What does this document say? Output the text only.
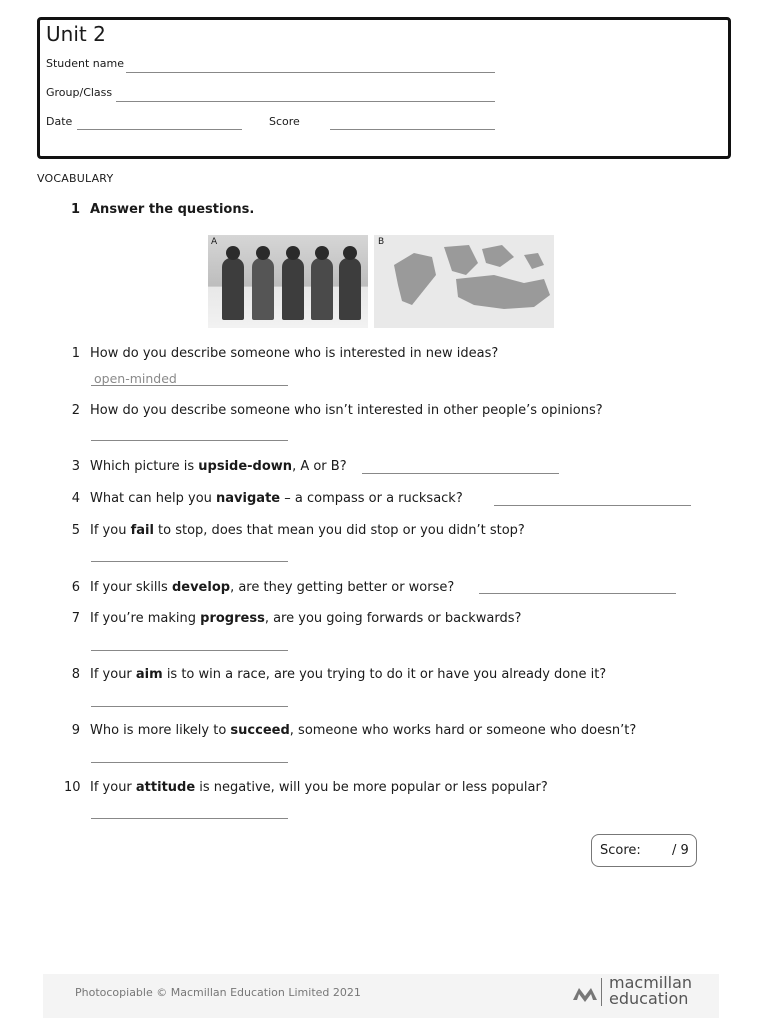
Unit 2
Student name
Group/Class
Date	Score
VOCABULARY
1 Answer the questions.
A	B
1 How do you describe someone who is interested in new ideas?
2 How do you describe someone who isn’t interested in other people’s opinions?
3 Which picture is upside-down, A or B?
4 What can help you navigate – a compass or a rucksack?
5 If you fail to stop, does that mean you did stop or you didn’t stop?
6 If your skills develop, are they getting better or worse?
7 If you’re making progress, are you going forwards or backwards?
8 If your aim is to win a race, are you trying to do it or have you already done it?
9 Who is more likely to succeed, someone who works hard or someone who doesn’t?
10 If your attitude is negative, will you be more popular or less popular?
open-minded
Score: / 9
Photocopiable © Macmillan Education Limited 2021
macmillan
education
